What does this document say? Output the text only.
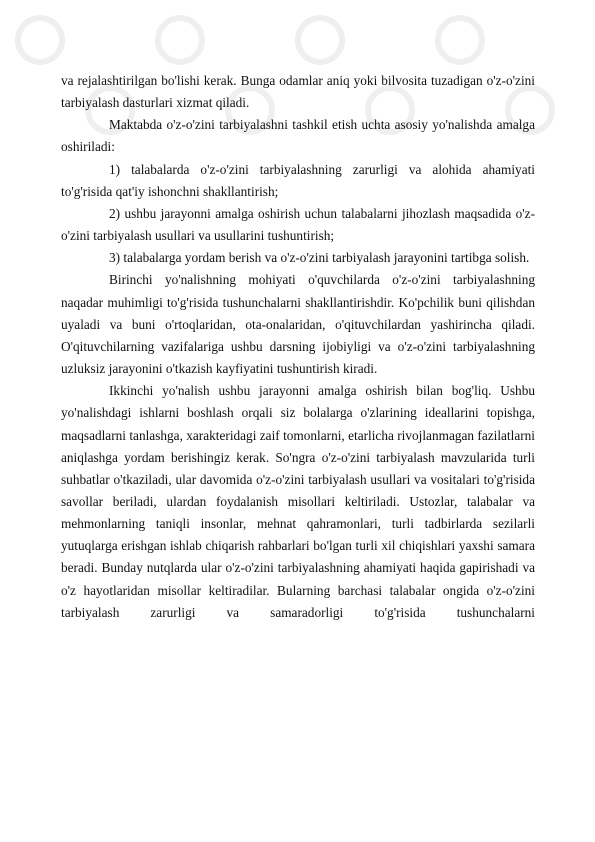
va rejalashtirilgan bo'lishi kerak. Bunga odamlar aniq yoki bilvosita tuzadigan o'z-o'zini tarbiyalash dasturlari xizmat qiladi.

Maktabda o'z-o'zini tarbiyalashni tashkil etish uchta asosiy yo'nalishda amalga oshiriladi:

1) talabalarda o'z-o'zini tarbiyalashning zarurligi va alohida ahamiyati to'g'risida qat'iy ishonchni shakllantirish;

2) ushbu jarayonni amalga oshirish uchun talabalarni jihozlash maqsadida o'z-o'zini tarbiyalash usullari va usullarini tushuntirish;

3) talabalarga yordam berish va o'z-o'zini tarbiyalash jarayonini tartibga solish.

Birinchi yo'nalishning mohiyati o'quvchilarda o'z-o'zini tarbiyalashning naqadar muhimligi to'g'risida tushunchalarni shakllantirishdir. Ko'pchilik buni qilishdan uyaladi va buni o'rtoqlaridan, ota-onalaridan, o'qituvchilardan yashirincha qiladi. O'qituvchilarning vazifalariga ushbu darsning ijobiyligi va o'z-o'zini tarbiyalashning uzluksiz jarayonini o'tkazish kayfiyatini tushuntirish kiradi.

Ikkinchi yo'nalish ushbu jarayonni amalga oshirish bilan bog'liq. Ushbu yo'nalishdagi ishlarni boshlash orqali siz bolalarga o'zlarining ideallarini topishga, maqsadlarni tanlashga, xarakteridagi zaif tomonlarni, etarlicha rivojlanmagan fazilatlarni aniqlashga yordam berishingiz kerak. So'ngra o'z-o'zini tarbiyalash mavzularida turli suhbatlar o'tkaziladi, ular davomida o'z-o'zini tarbiyalash usullari va vositalari to'g'risida savollar beriladi, ulardan foydalanish misollari keltiriladi. Ustozlar, talabalar va mehmonlarning taniqli insonlar, mehnat qahramonlari, turli tadbirlarda sezilarli yutuqlarga erishgan ishlab chiqarish rahbarlari bo'lgan turli xil chiqishlari yaxshi samara beradi. Bunday nutqlarda ular o'z-o'zini tarbiyalashning ahamiyati haqida gapirishadi va o'z hayotlaridan misollar keltiradilar. Bularning barchasi talabalar ongida o'z-o'zini tarbiyalash zarurligi va samaradorligi to'g'risida tushunchalarni
